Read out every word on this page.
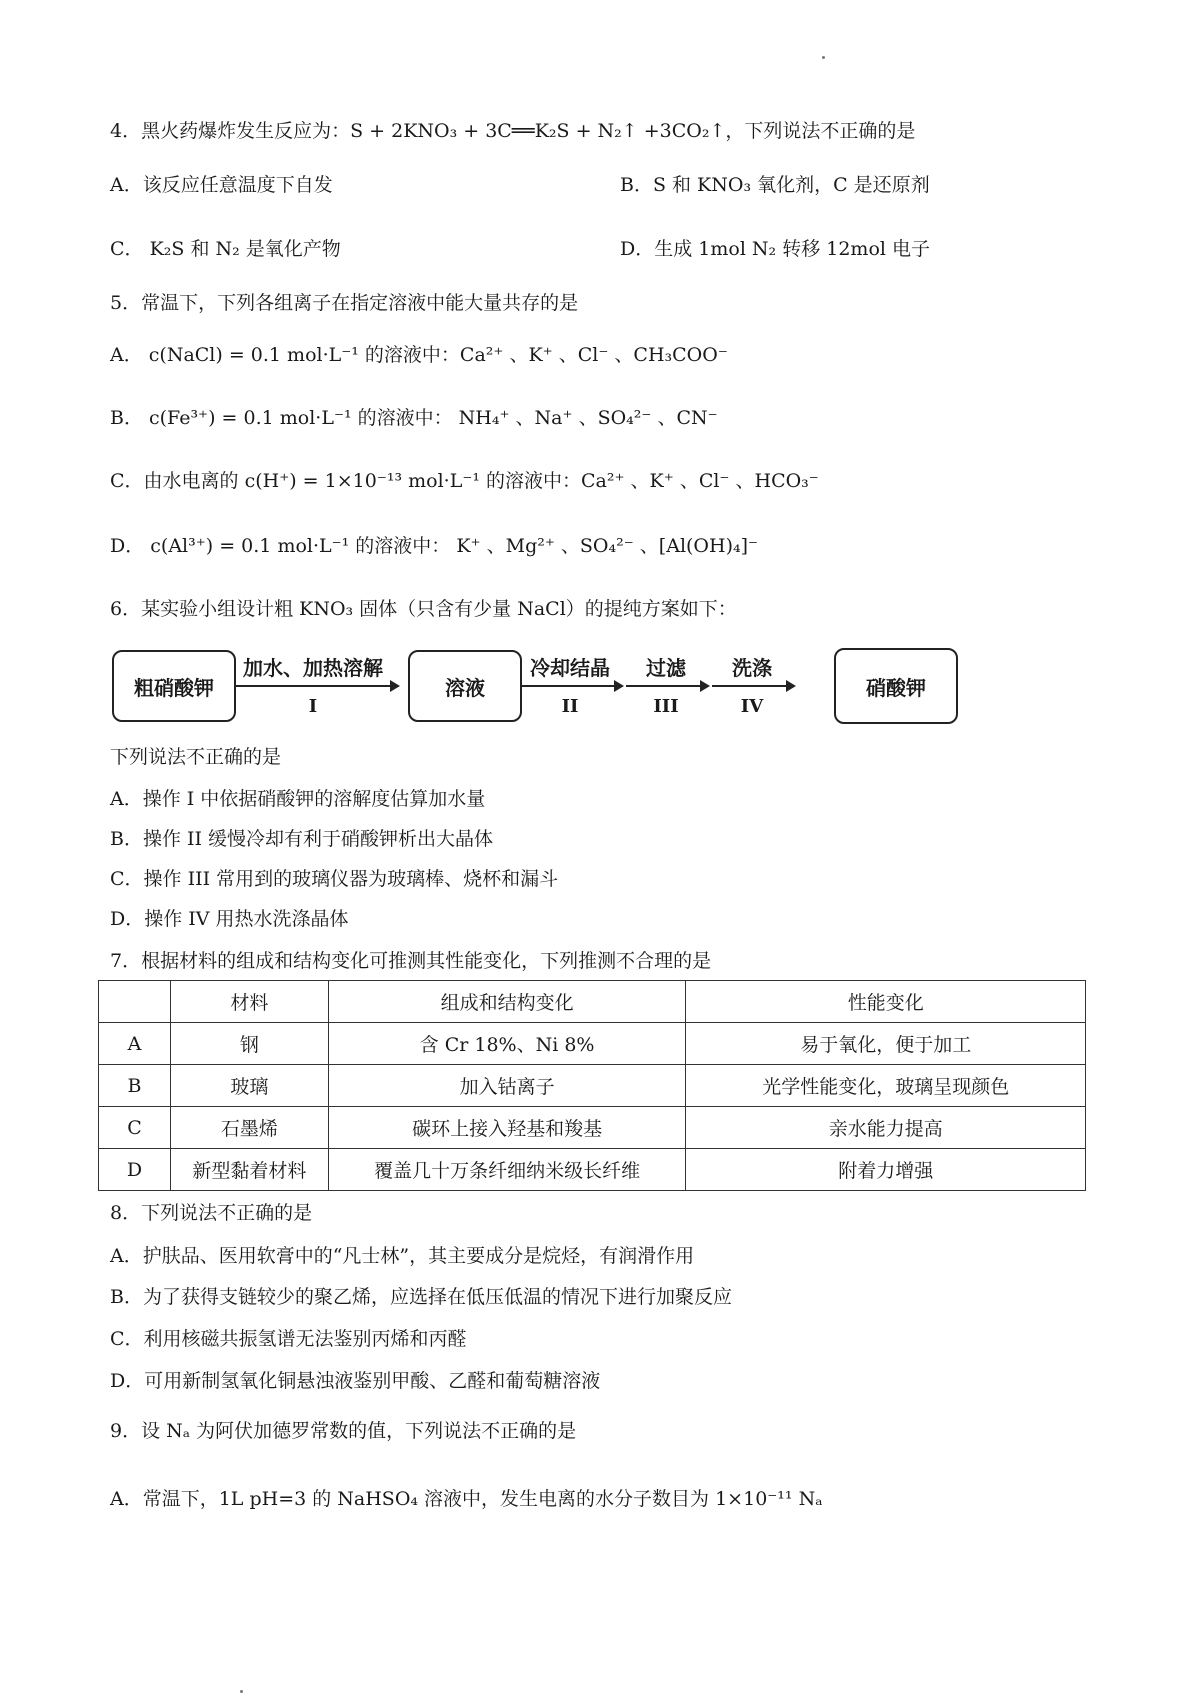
4．黑火药爆炸发生反应为：S + 2KNO₃ + 3C══K₂S + N₂↑ +3CO₂↑，下列说法不正确的是
A．该反应任意温度下自发	B．S 和 KNO₃ 氧化剂，C 是还原剂
C． K₂S 和 N₂ 是氧化产物	D．生成 1mol N₂ 转移 12mol 电子
5．常温下，下列各组离子在指定溶液中能大量共存的是
A． c(NaCl) = 0.1 mol·L⁻¹ 的溶液中：Ca²⁺ 、K⁺ 、Cl⁻ 、CH₃COO⁻
B． c(Fe³⁺) = 0.1 mol·L⁻¹ 的溶液中： NH₄⁺ 、Na⁺ 、SO₄²⁻ 、CN⁻
C．由水电离的 c(H⁺) = 1×10⁻¹³ mol·L⁻¹ 的溶液中：Ca²⁺ 、K⁺ 、Cl⁻ 、HCO₃⁻
D． c(Al³⁺) = 0.1 mol·L⁻¹ 的溶液中： K⁺ 、Mg²⁺ 、SO₄²⁻ 、[Al(OH)₄]⁻
6．某实验小组设计粗 KNO₃ 固体（只含有少量 NaCl）的提纯方案如下：
粗硝酸钾
加水、加热溶解
I
溶液
冷却结晶
II
过滤
III
洗涤
IV
硝酸钾
下列说法不正确的是
A．操作 I 中依据硝酸钾的溶解度估算加水量
B．操作 II 缓慢冷却有利于硝酸钾析出大晶体
C．操作 III 常用到的玻璃仪器为玻璃棒、烧杯和漏斗
D．操作 IV 用热水洗涤晶体
7．根据材料的组成和结构变化可推测其性能变化，下列推测不合理的是
	材料	组成和结构变化	性能变化
A	钢	含 Cr 18%、Ni 8%	易于氧化，便于加工
B	玻璃	加入钴离子	光学性能变化，玻璃呈现颜色
C	石墨烯	碳环上接入羟基和羧基	亲水能力提高
D	新型黏着材料	覆盖几十万条纤细纳米级长纤维	附着力增强
8．下列说法不正确的是
A．护肤品、医用软膏中的“凡士林”，其主要成分是烷烃，有润滑作用
B．为了获得支链较少的聚乙烯，应选择在低压低温的情况下进行加聚反应
C．利用核磁共振氢谱无法鉴别丙烯和丙醛
D．可用新制氢氧化铜悬浊液鉴别甲酸、乙醛和葡萄糖溶液
9．设 Nₐ 为阿伏加德罗常数的值，下列说法不正确的是
A．常温下，1L pH=3 的 NaHSO₄ 溶液中，发生电离的水分子数目为 1×10⁻¹¹ Nₐ
